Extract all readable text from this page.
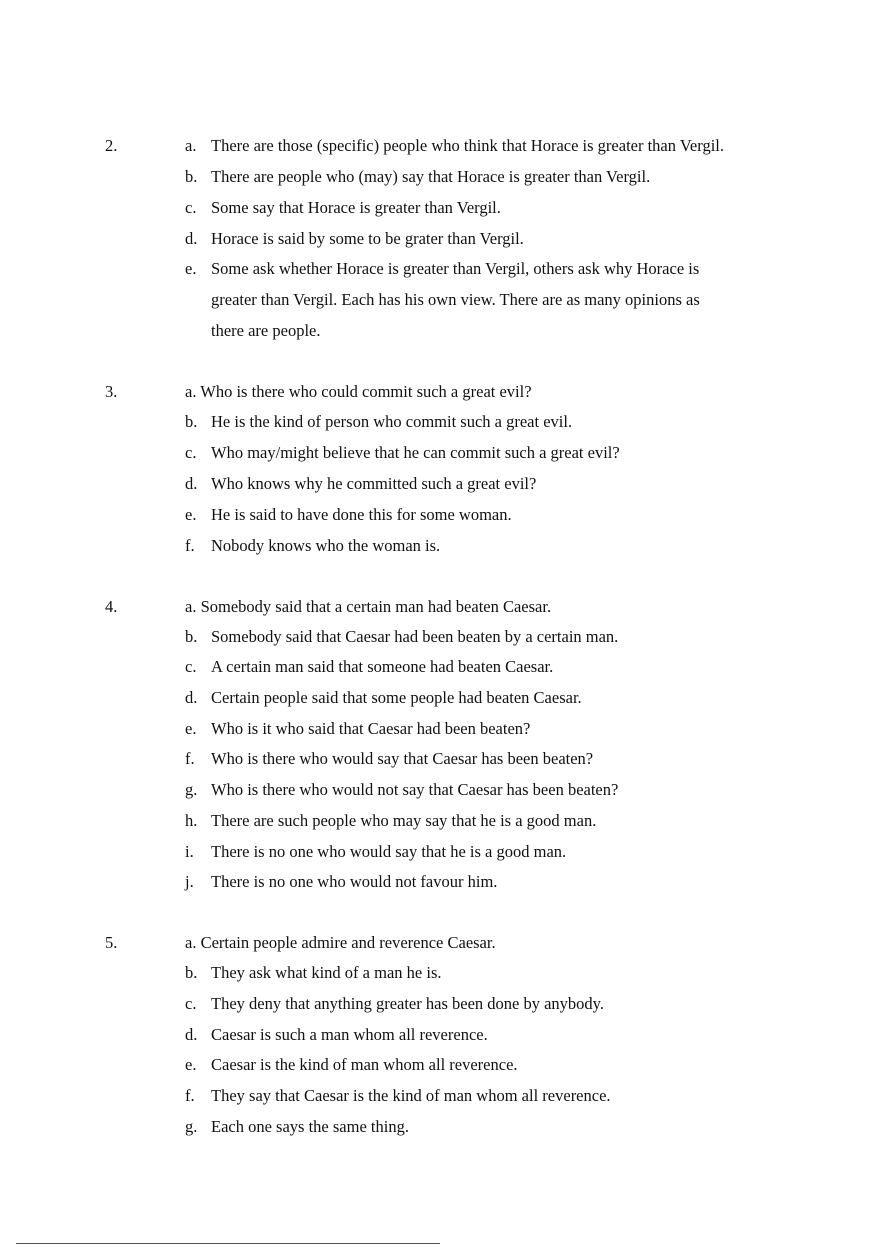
2.	a. There are those (specific) people who think that Horace is greater than Vergil.
b. There are people who (may) say that Horace is greater than Vergil.
c. Some say that Horace is greater than Vergil.
d. Horace is said by some to be grater than Vergil.
e. Some ask whether Horace is greater than Vergil, others ask why Horace is
greater than Vergil. Each has his own view. There are as many opinions as
there are people.
3.	a. Who is there who could commit such a great evil?
b. He is the kind of person who commit such a great evil.
c. Who may/might believe that he can commit such a great evil?
d. Who knows why he committed such a great evil?
e. He is said to have done this for some woman.
f. Nobody knows who the woman is.
4.	a. Somebody said that a certain man had beaten Caesar.
b. Somebody said that Caesar had been beaten by a certain man.
c. A certain man said that someone had beaten Caesar.
d. Certain people said that some people had beaten Caesar.
e. Who is it who said that Caesar had been beaten?
f. Who is there who would say that Caesar has been beaten?
g. Who is there who would not say that Caesar has been beaten?
h. There are such people who may say that he is a good man.
i. There is no one who would say that he is a good man.
j. There is no one who would not favour him.
5.	a. Certain people admire and reverence Caesar.
b. They ask what kind of a man he is.
c. They deny that anything greater has been done by anybody.
d. Caesar is such a man whom all reverence.
e. Caesar is the kind of man whom all reverence.
f. They say that Caesar is the kind of man whom all reverence.
g. Each one says the same thing.
